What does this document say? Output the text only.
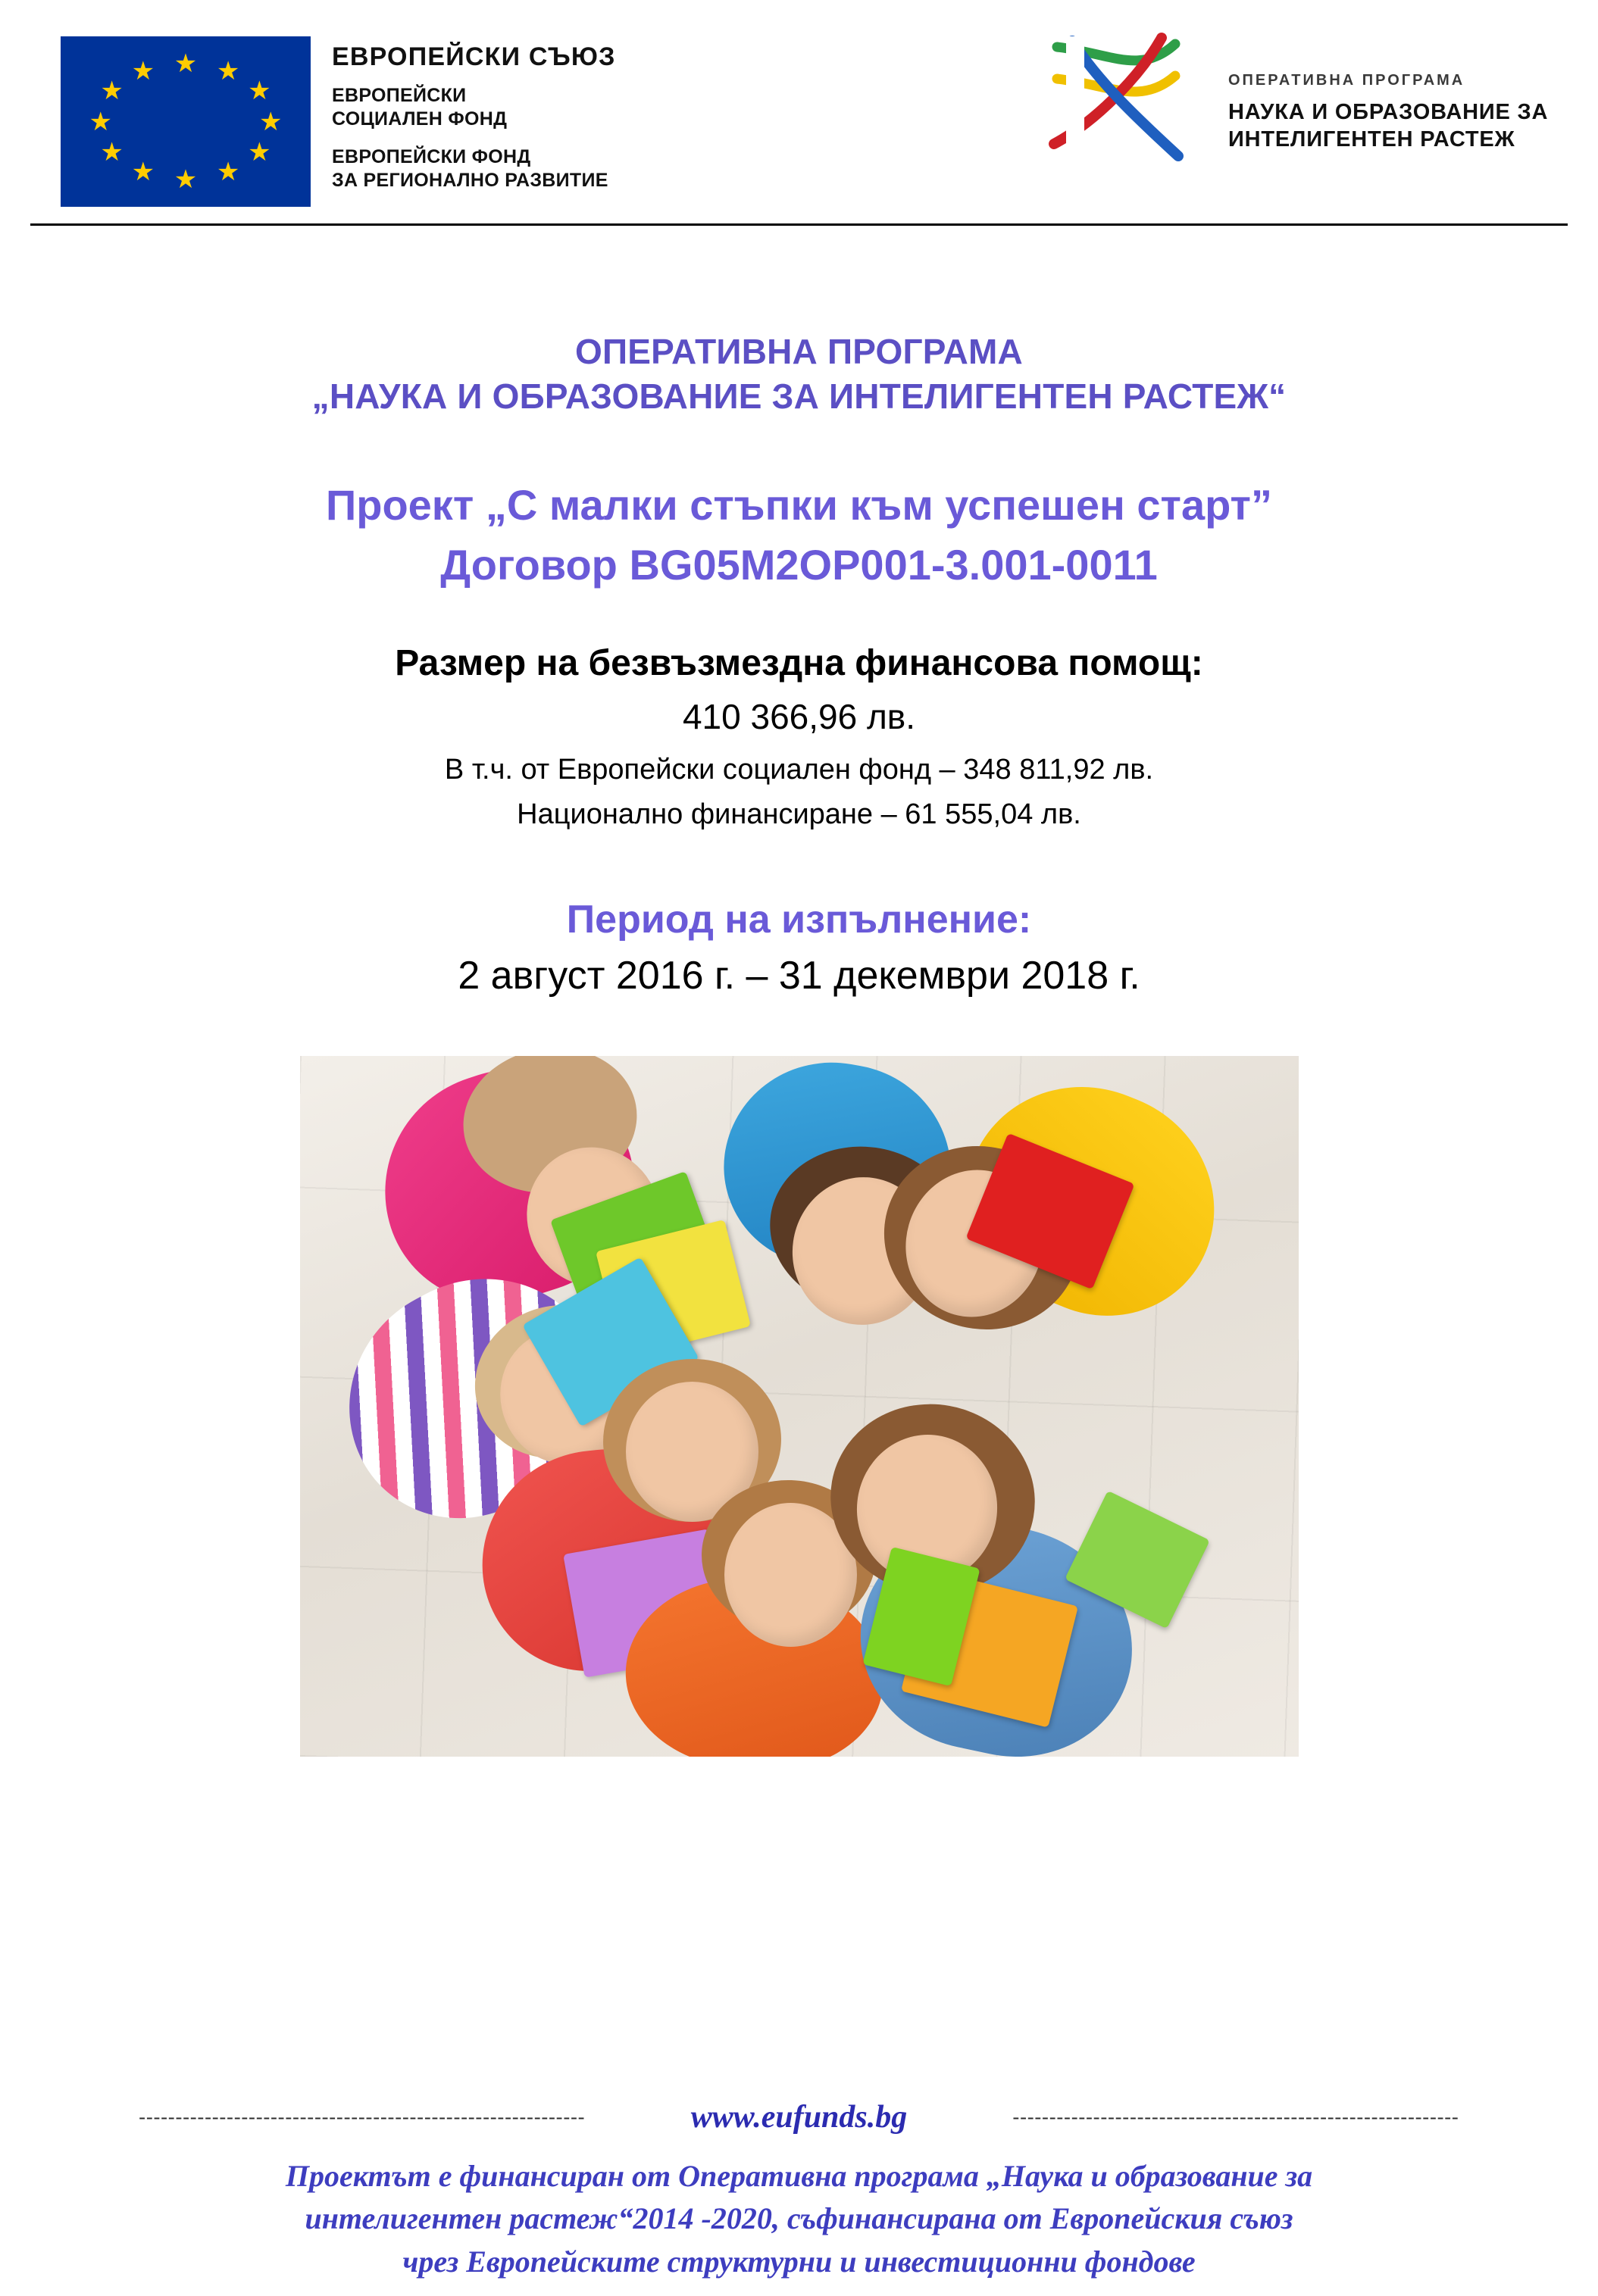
★ ★
★
★
★
★
★
★
★
★
★
★
ЕВРОПЕЙСКИ СЪЮЗ
ЕВРОПЕЙСКИ
СОЦИАЛЕН ФОНД
ЕВРОПЕЙСКИ ФОНД
ЗА РЕГИОНАЛНО РАЗВИТИЕ
ОПЕРАТИВНА ПРОГРАМА
НАУКА И ОБРАЗОВАНИЕ ЗА
ИНТЕЛИГЕНТЕН РАСТЕЖ
ОПЕРАТИВНА ПРОГРАМА
„НАУКА И ОБРАЗОВАНИЕ ЗА ИНТЕЛИГЕНТЕН РАСТЕЖ“
Проект „С малки стъпки към успешен старт”
Договор BG05M2OP001-3.001-0011
Размер на безвъзмездна финансова помощ:
410 366,96 лв.
В т.ч. от Европейски социален фонд – 348 811,92 лв.
Национално финансиране – 61 555,04 лв.
Период на изпълнение:
2 август 2016 г. – 31 декември 2018 г.
-------------------------------------------------------------	www.eufunds.bg	-------------------------------------------------------------
Проектът е финансиран от Оперативна програма „Наука и образование за
интелигентен растеж“2014 -2020, съфинансирана от Европейския съюз
чрез Европейските структурни и инвестиционни фондове
